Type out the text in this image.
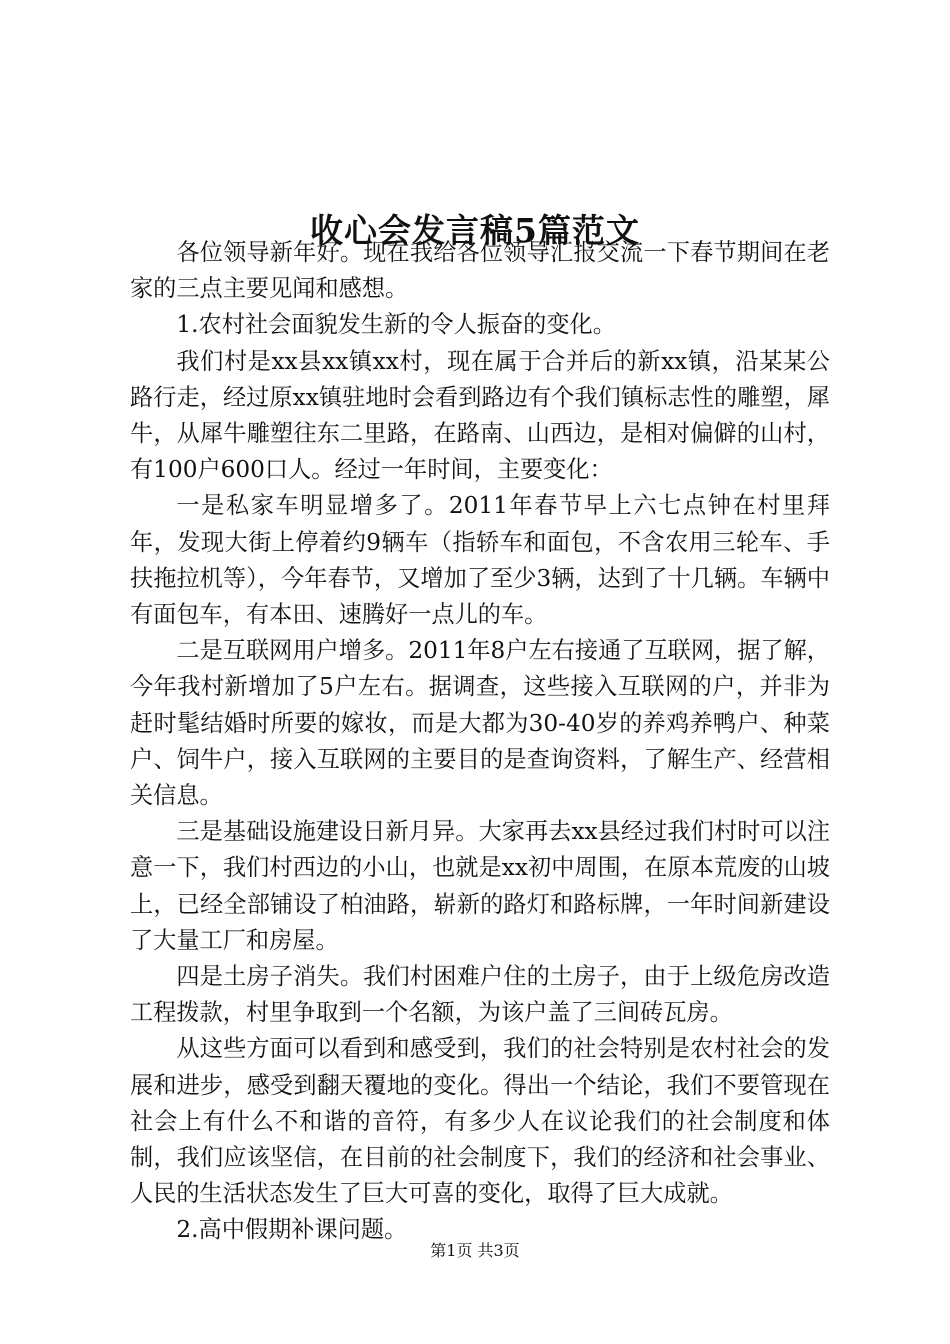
收心会发言稿5篇范文

各位领导新年好。现在我给各位领导汇报交流一下春节期间在老家的三点主要见闻和感想。

1.农村社会面貌发生新的令人振奋的变化。

我们村是xx县xx镇xx村，现在属于合并后的新xx镇，沿某某公路行走，经过原xx镇驻地时会看到路边有个我们镇标志性的雕塑，犀牛，从犀牛雕塑往东二里路，在路南、山西边，是相对偏僻的山村，有100户600口人。经过一年时间，主要变化：

一是私家车明显增多了。2011年春节早上六七点钟在村里拜年，发现大街上停着约9辆车（指轿车和面包，不含农用三轮车、手扶拖拉机等），今年春节，又增加了至少3辆，达到了十几辆。车辆中有面包车，有本田、速腾好一点儿的车。

二是互联网用户增多。2011年8户左右接通了互联网，据了解，今年我村新增加了5户左右。据调查，这些接入互联网的户，并非为赶时髦结婚时所要的嫁妆，而是大都为30-40岁的养鸡养鸭户、种菜户、饲牛户，接入互联网的主要目的是查询资料，了解生产、经营相关信息。

三是基础设施建设日新月异。大家再去xx县经过我们村时可以注意一下，我们村西边的小山，也就是xx初中周围，在原本荒废的山坡上，已经全部铺设了柏油路，崭新的路灯和路标牌，一年时间新建设了大量工厂和房屋。

四是土房子消失。我们村困难户住的土房子，由于上级危房改造工程拨款，村里争取到一个名额，为该户盖了三间砖瓦房。

从这些方面可以看到和感受到，我们的社会特别是农村社会的发展和进步，感受到翻天覆地的变化。得出一个结论，我们不要管现在社会上有什么不和谐的音符，有多少人在议论我们的社会制度和体制，我们应该坚信，在目前的社会制度下，我们的经济和社会事业、人民的生活状态发生了巨大可喜的变化，取得了巨大成就。

2.高中假期补课问题。

第1页 共3页
